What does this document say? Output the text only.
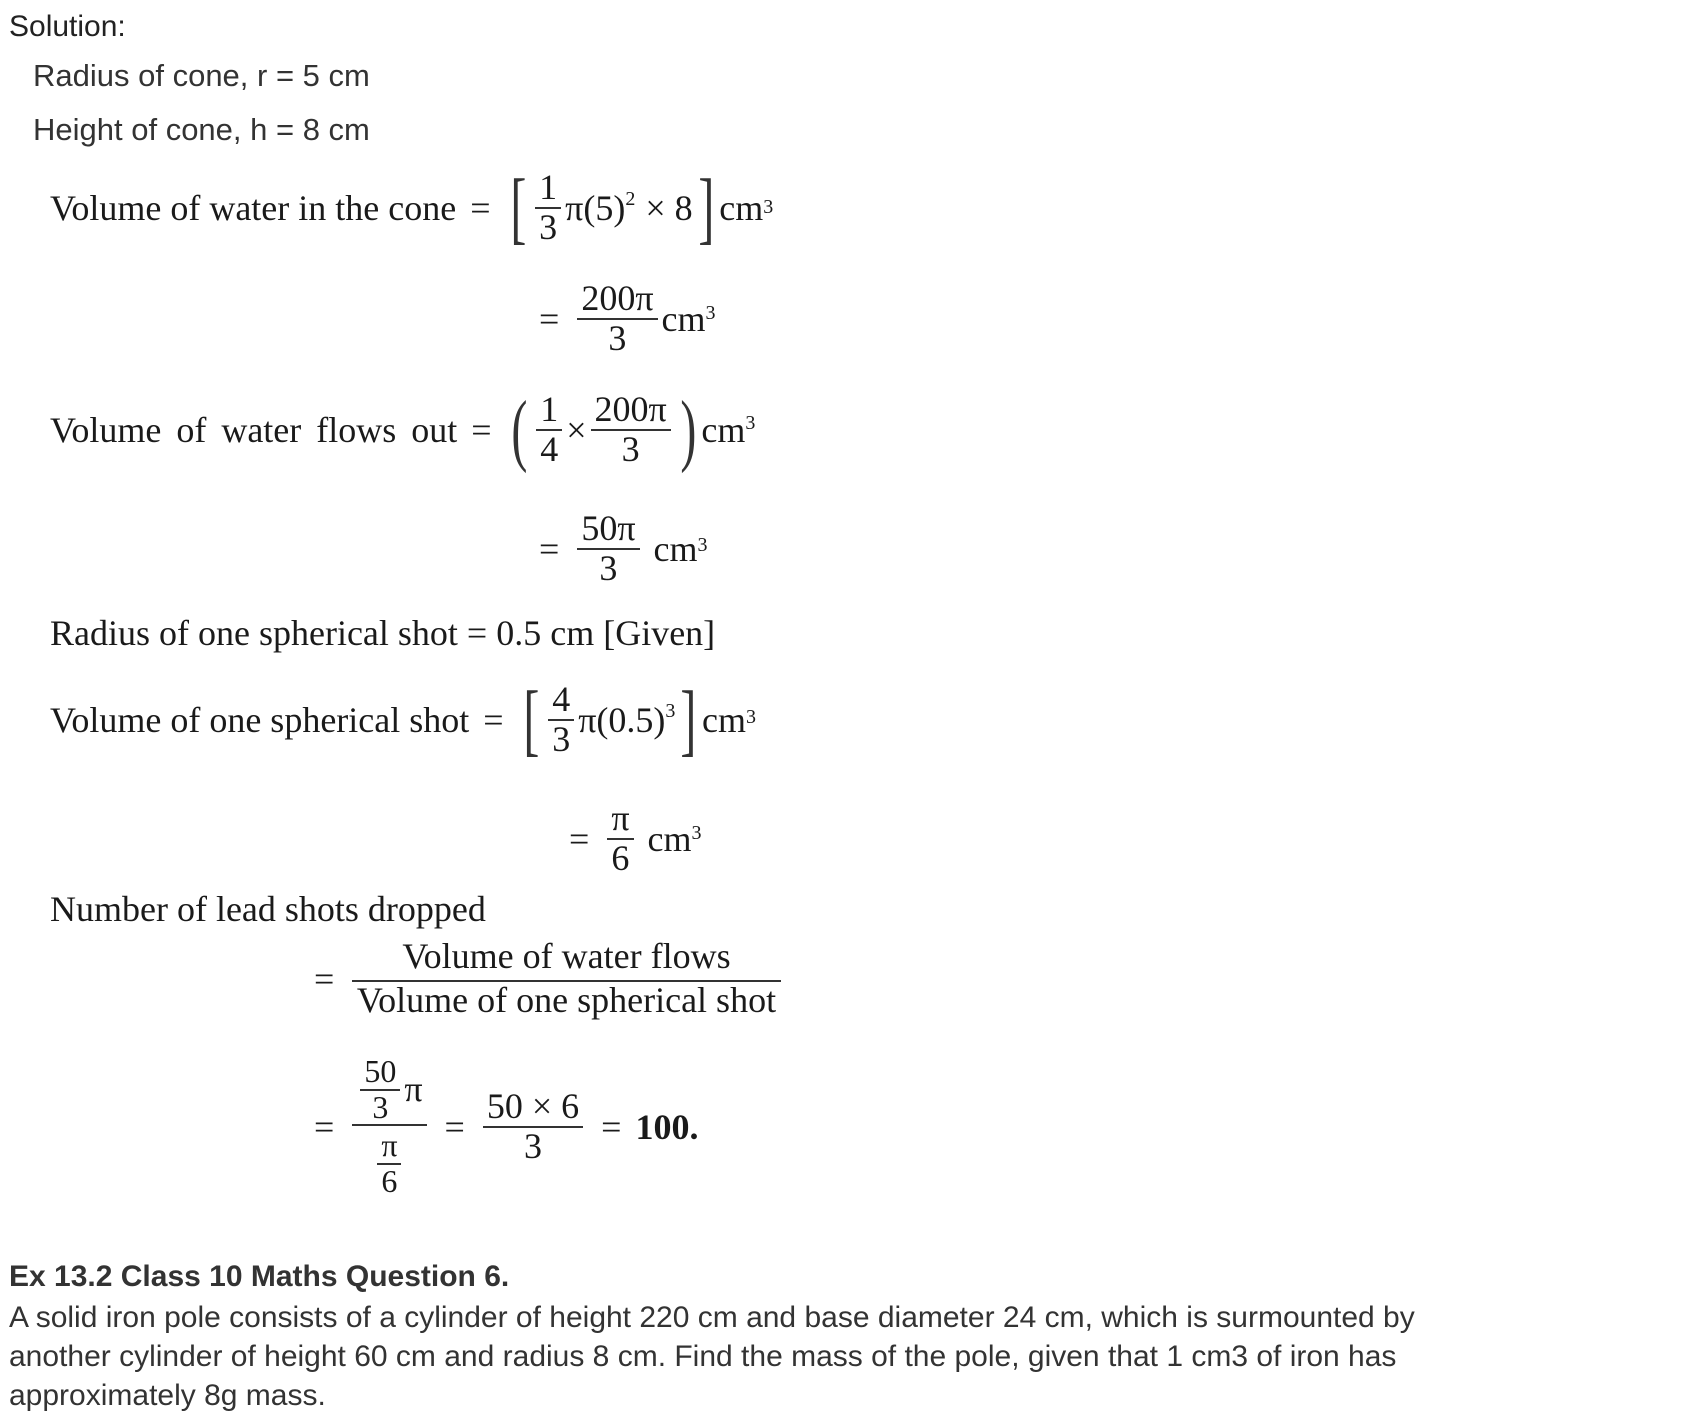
Solution:
Radius of cone, r = 5 cm
Height of cone, h = 8 cm
Volume of water in the cone = [ $\frac{1}{3} \pi(5)^2 \times 8$ ] cm 3
= $\frac{200\pi}{3}$ cm 3
Volume of water flows out = ( $\frac{1}{4} \times \frac{200\pi}{3}$ ) cm 3
= $\frac{50\pi}{3}$ cm 3
Radius of one spherical shot = 0.5 cm [Given]
Volume of one spherical shot = [ $\frac{4}{3} \pi(0.5)^3$ ] cm 3
= $\frac{\pi}{6}$ cm 3
Number of lead shots dropped
= $\frac{\text{Volume of water flows}}{\text{Volume of one spherical shot}}$
= $\frac{\frac{50}{3} \pi}{\frac{\pi}{6}} = \frac{50 \times 6}{3} = 100$.
Ex 13.2 Class 10 Maths Question 6.
A solid iron pole consists of a cylinder of height 220 cm and base diameter 24 cm, which is surmounted by
another cylinder of height 60 cm and radius 8 cm. Find the mass of the pole, given that 1 cm3 of iron has
approximately 8g mass.
